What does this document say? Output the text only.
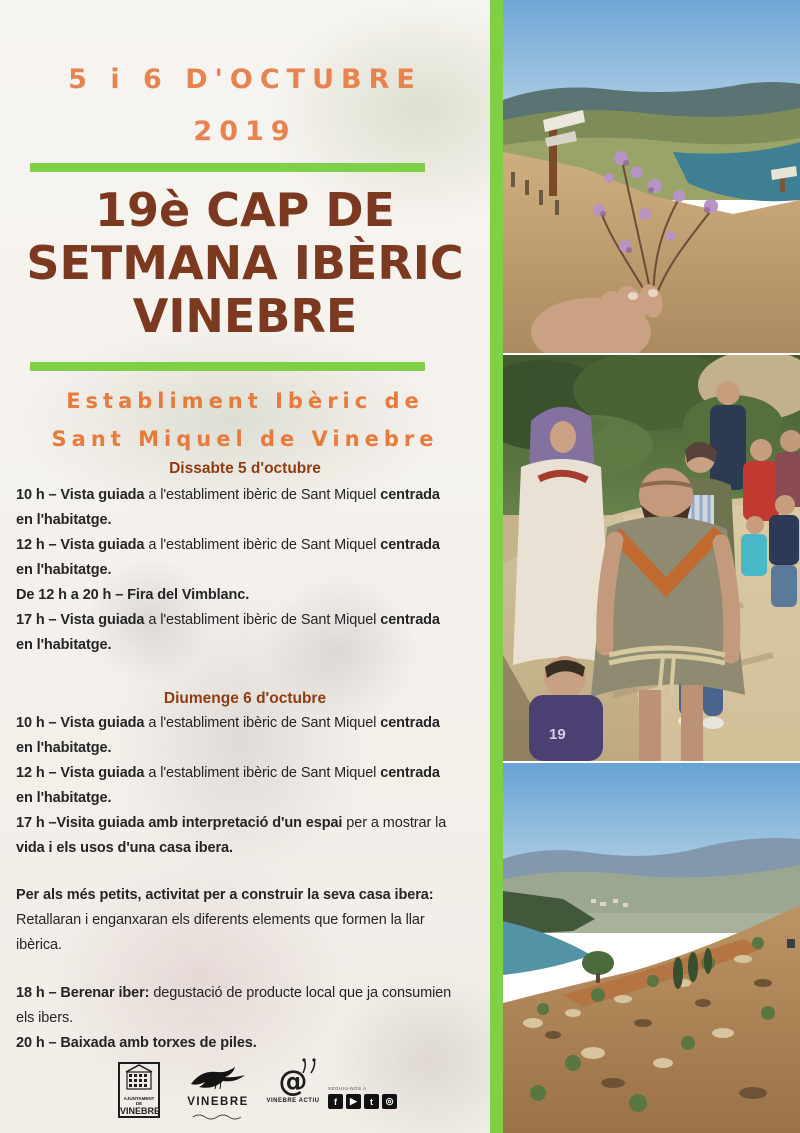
5 i 6 D'OCTUBRE
2019
19è CAP DE
SETMANA IBÈRIC
VINEBRE
Establiment Ibèric de
Sant Miquel de Vinebre
Dissabte 5 d'octubre
10 h – Vista guiada a l'establiment ibèric de Sant Miquel centrada
en l'habitatge.
12 h – Vista guiada a l'establiment ibèric de Sant Miquel centrada
en l'habitatge.
De 12 h a 20 h – Fira del Vimblanc.
17 h – Vista guiada a l'establiment ibèric de Sant Miquel centrada
en l'habitatge.
Diumenge 6 d'octubre
10 h – Vista guiada a l'establiment ibèric de Sant Miquel centrada
en l'habitatge.
12 h – Vista guiada a l'establiment ibèric de Sant Miquel centrada
en l'habitatge.
17 h –Visita guiada amb interpretació d'un espai per a mostrar la
vida i els usos d'una casa ibera.
Per als més petits, activitat per a construir la seva casa ibera:
Retallaran i enganxaran els diferents elements que formen la llar
ibèrica.
18 h – Berenar iber: degustació de producte local que ja consumien
els ibers.
20 h – Baixada amb torxes de piles.
AJUNTAMENT DE
VINEBRE
VINEBRE
@
VINEBRE ACTIU
SEGUIU-NOS A
f	▶	t	◎
19
